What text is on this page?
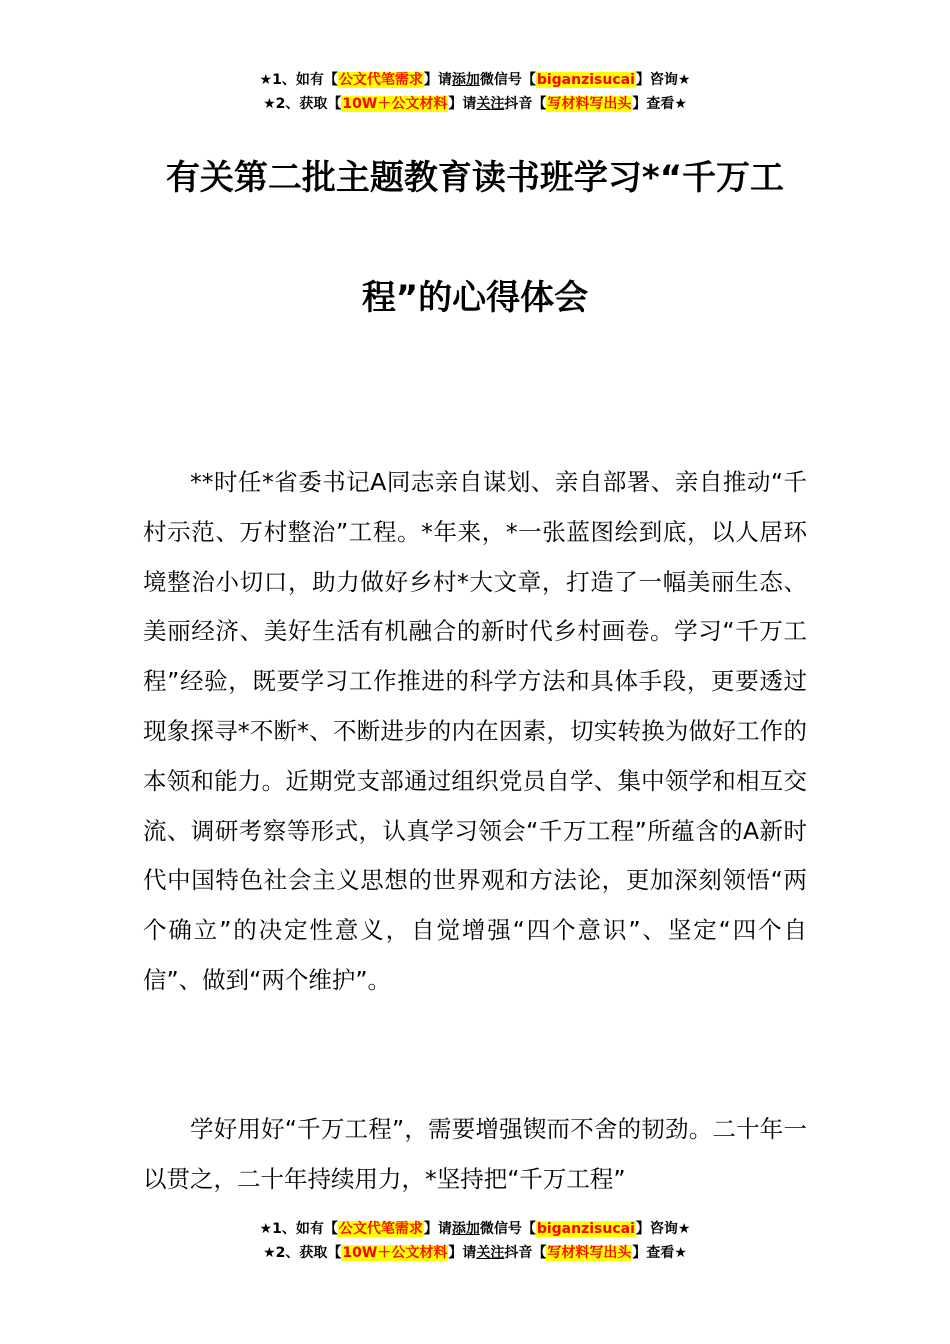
★1、如有【公文代笔需求】请添加微信号【biganzisucai】咨询★
★2、获取【10W＋公文材料】请关注抖音【写材料写出头】查看★
有关第二批主题教育读书班学习*“千万工
程”的心得体会

**时任*省委书记A同志亲自谋划、亲自部署、亲自推动“千村示范、万村整治”工程。*年来，*一张蓝图绘到底，以人居环境整治小切口，助力做好乡村*大文章，打造了一幅美丽生态、美丽经济、美好生活有机融合的新时代乡村画卷。学习“千万工程”经验，既要学习工作推进的科学方法和具体手段，更要透过现象探寻*不断*、不断进步的内在因素，切实转换为做好工作的本领和能力。近期党支部通过组织党员自学、集中领学和相互交流、调研考察等形式，认真学习领会“千万工程”所蕴含的A新时代中国特色社会主义思想的世界观和方法论，更加深刻领悟“两个确立”的决定性意义，自觉增强“四个意识”、坚定“四个自信”、做到“两个维护”。

学好用好“千万工程”，需要增强锲而不舍的韧劲。二十年一以贯之，二十年持续用力，*坚持把“千万工程”

★1、如有【公文代笔需求】请添加微信号【biganzisucai】咨询★
★2、获取【10W＋公文材料】请关注抖音【写材料写出头】查看★
